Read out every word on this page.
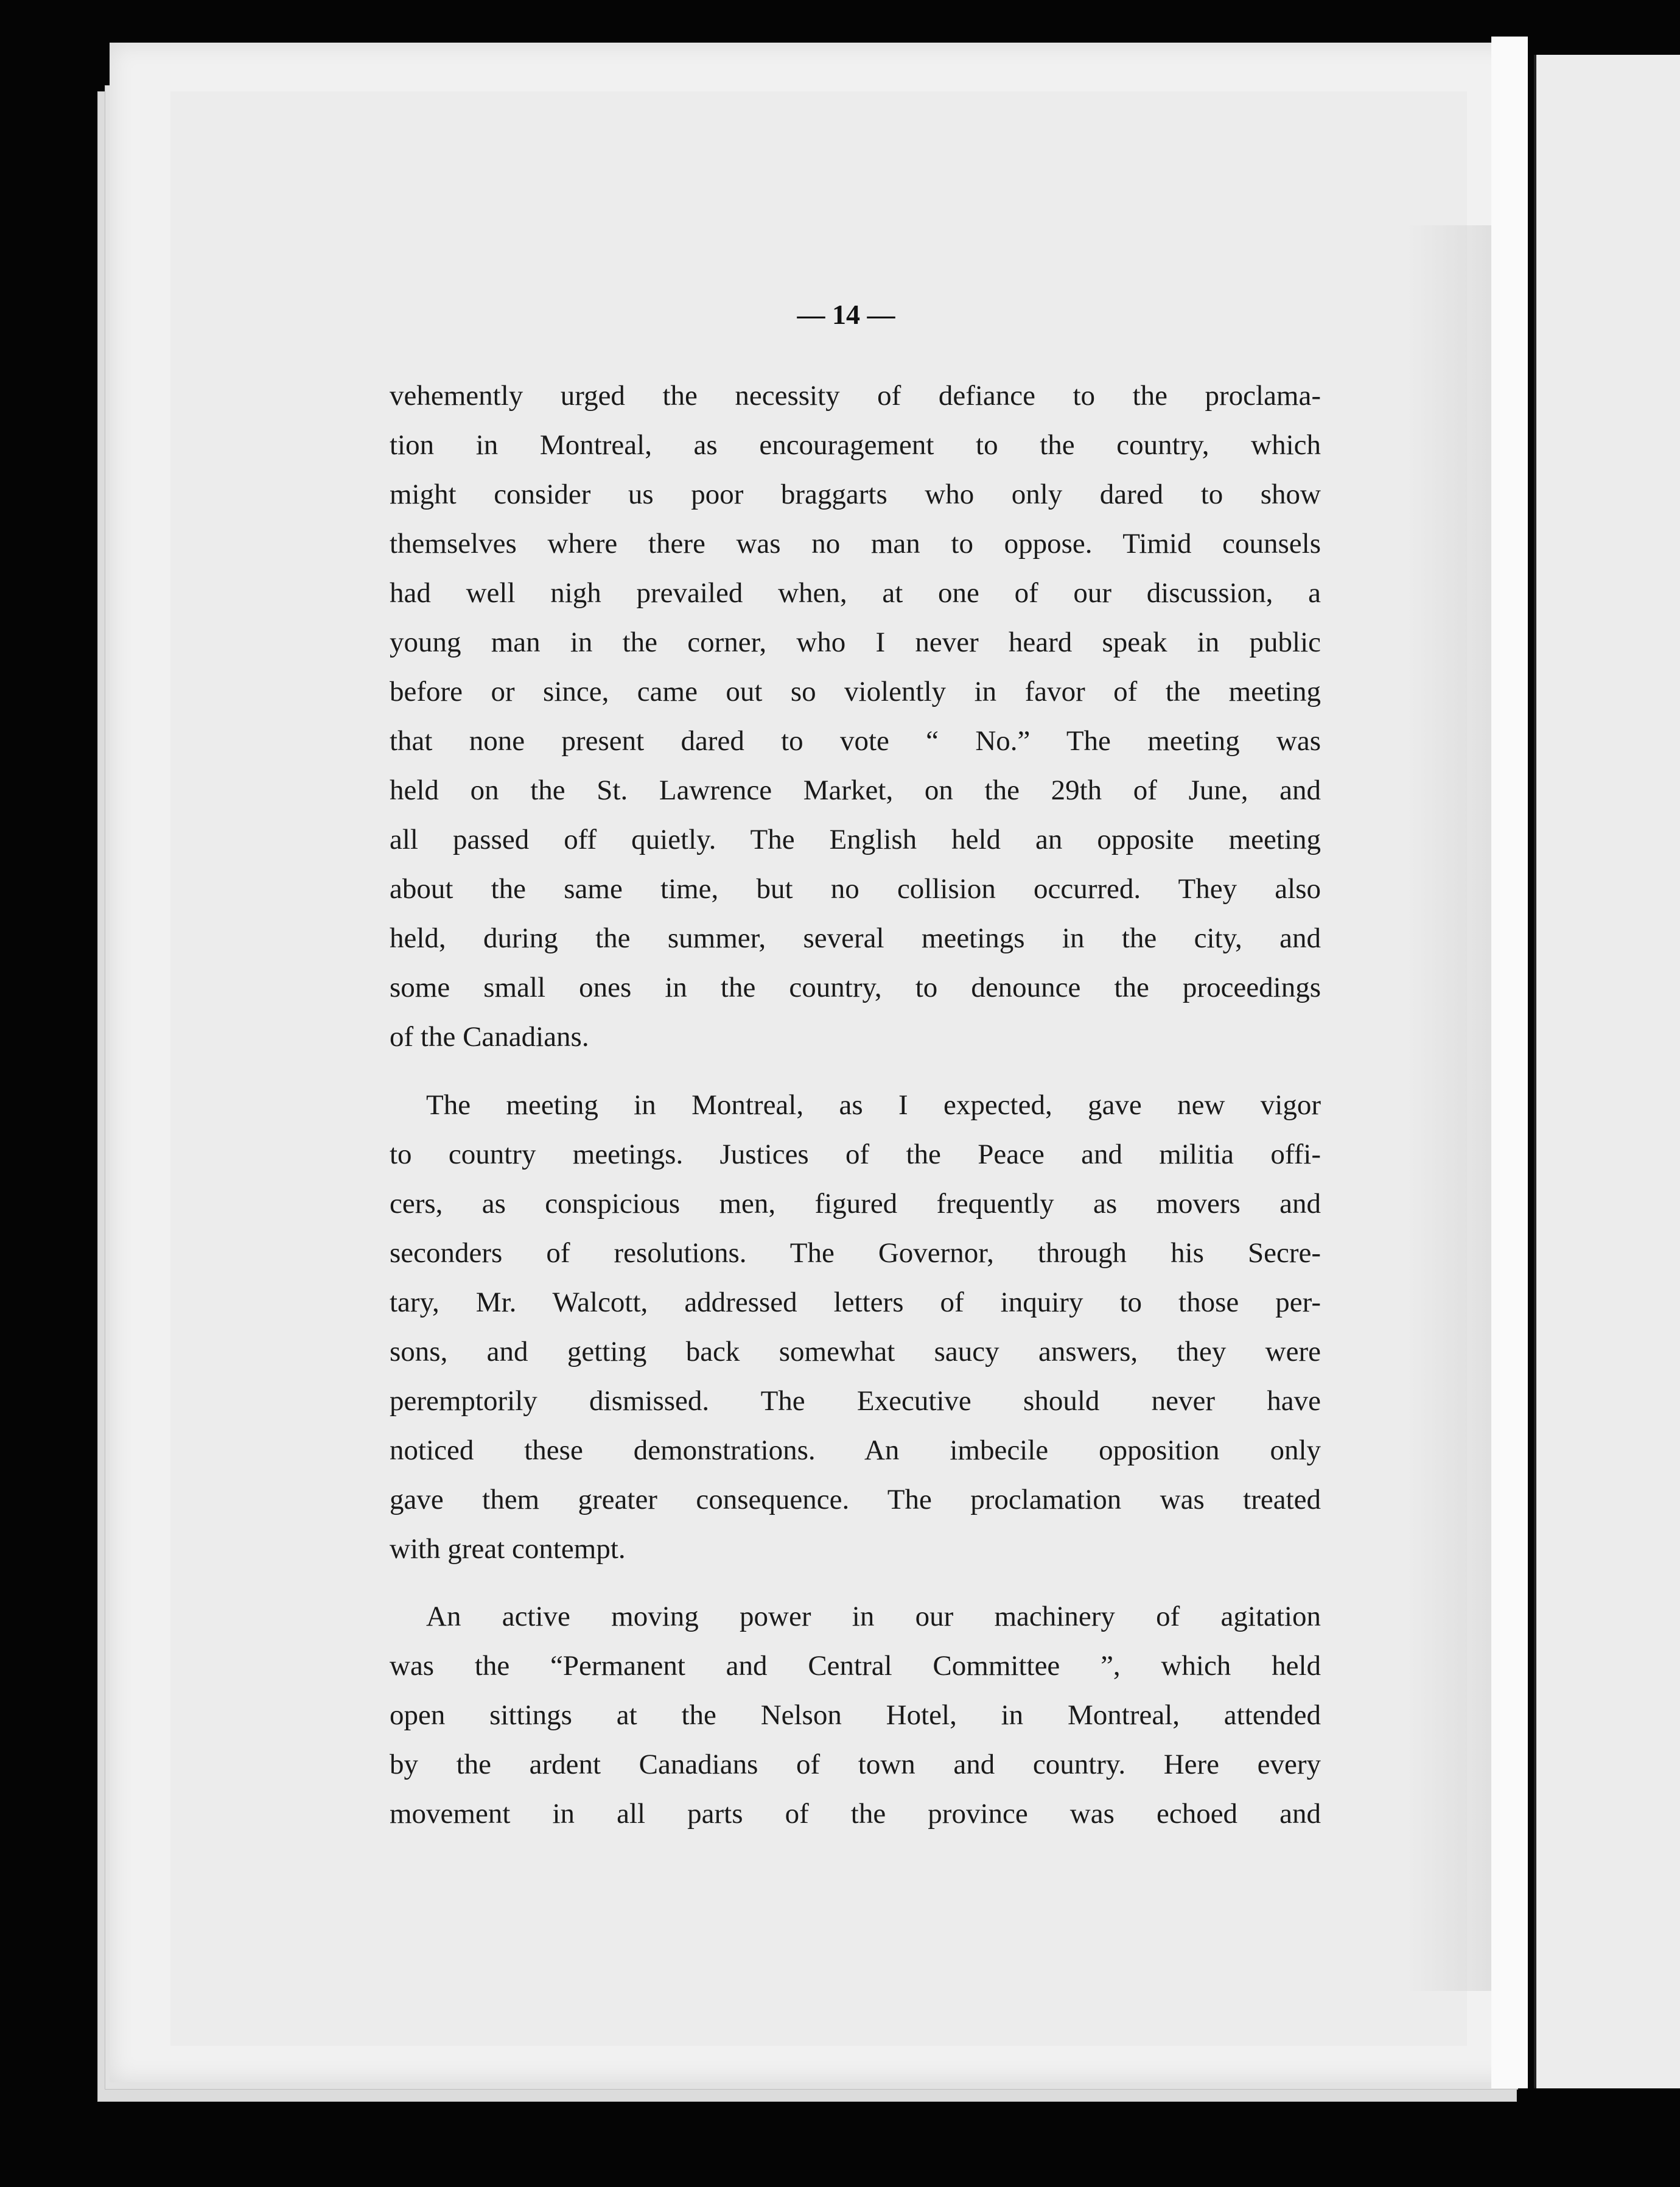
— 14 —
vehemently urged the necessity of defiance to the proclama-
tion in Montreal, as encouragement to the country, which
might consider us poor braggarts who only dared to show
themselves where there was no man to oppose. Timid counsels
had well nigh prevailed when, at one of our discussion, a
young man in the corner, who I never heard speak in public
before or since, came out so violently in favor of the meeting
that none present dared to vote “ No.” The meeting was
held on the St. Lawrence Market, on the 29th of June, and
all passed off quietly. The English held an opposite meeting
about the same time, but no collision occurred. They also
held, during the summer, several meetings in the city, and
some small ones in the country, to denounce the proceedings
of the Canadians.
The meeting in Montreal, as I expected, gave new vigor
to country meetings. Justices of the Peace and militia offi-
cers, as conspicious men, figured frequently as movers and
seconders of resolutions. The Governor, through his Secre-
tary, Mr. Walcott, addressed letters of inquiry to those per-
sons, and getting back somewhat saucy answers, they were
peremptorily dismissed. The Executive should never have
noticed these demonstrations. An imbecile opposition only
gave them greater consequence. The proclamation was treated
with great contempt.
An active moving power in our machinery of agitation
was the “Permanent and Central Committee ”, which held
open sittings at the Nelson Hotel, in Montreal, attended
by the ardent Canadians of town and country. Here every
movement in all parts of the province was echoed and
